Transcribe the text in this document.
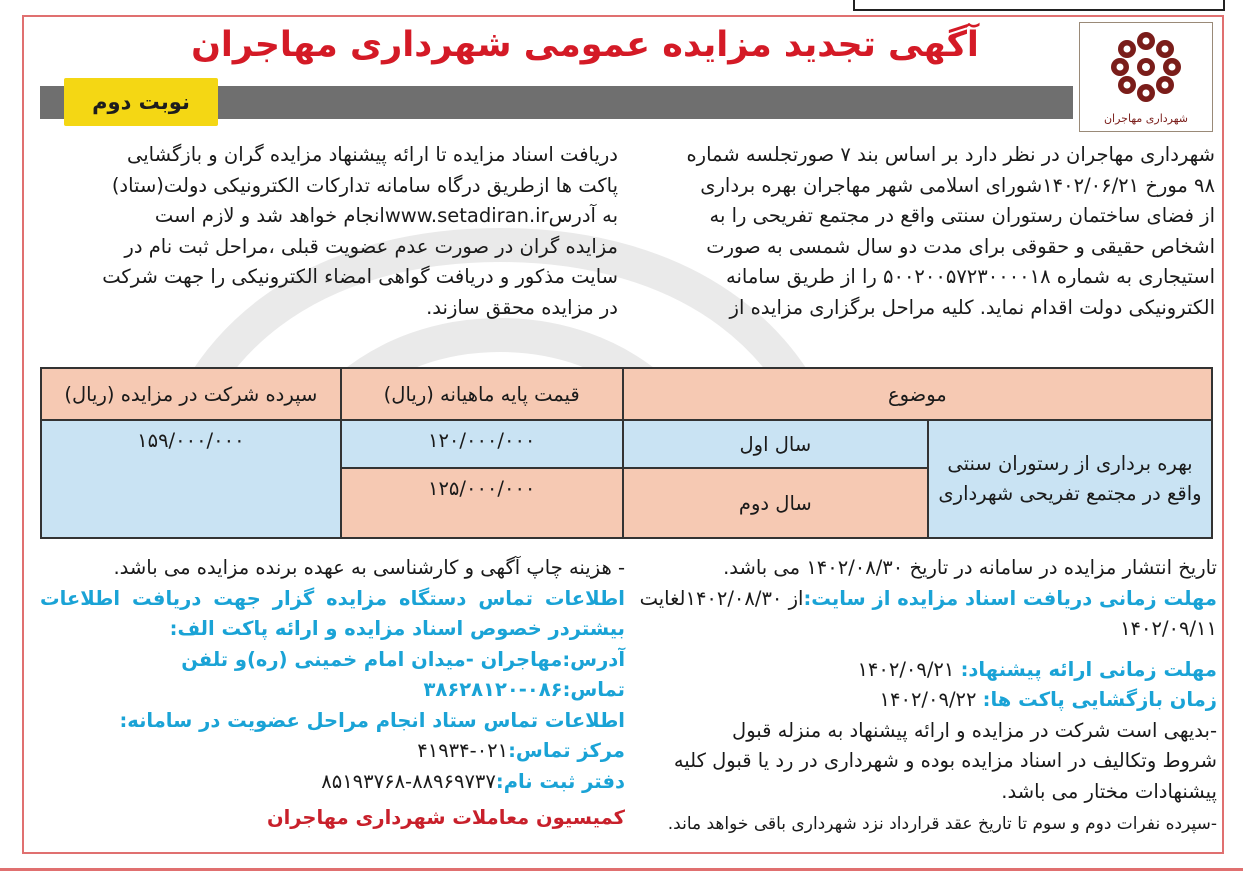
شهرداری مهاجران
آگهی تجدید مزایده عمومی شهرداری مهاجران
نوبت دوم
شهرداری مهاجران در نظر دارد بر اساس بند ۷ صورتجلسه شماره
۹۸ مورخ ۱۴۰۲/۰۶/۲۱شورای اسلامی شهر مهاجران بهره برداری
از فضای ساختمان رستوران سنتی واقع در مجتمع تفریحی را به
اشخاص حقیقی و حقوقی برای مدت دو سال شمسی به صورت
استیجاری به شماره ۵۰۰۲۰۰۵۷۲۳۰۰۰۰۱۸ را از طریق سامانه
الکترونیکی دولت اقدام نماید. کلیه مراحل برگزاری مزایده از
دریافت اسناد مزایده تا ارائه پیشنهاد مزایده گران و بازگشایی
پاکت ها ازطریق درگاه سامانه تدارکات الکترونیکی دولت(ستاد)
به آدرسwww.setadiran.irانجام خواهد شد و لازم است
مزایده گران در صورت عدم عضویت قبلی ،مراحل ثبت نام در
سایت مذکور و دریافت گواهی امضاء الکترونیکی را جهت شرکت
در مزایده محقق سازند.
موضوع		قیمت پایه ماهیانه (ریال)	سپرده شرکت در مزایده (ریال)
بهره برداری از رستوران سنتی واقع در مجتمع تفریحی شهرداری	سال اول	۱۲۰/۰۰۰/۰۰۰	۱۵۹/۰۰۰/۰۰۰
	سال دوم	۱۲۵/۰۰۰/۰۰۰	
تاریخ انتشار مزایده در سامانه در تاریخ ۱۴۰۲/۰۸/۳۰ می باشد.
مهلت زمانی دریافت اسناد مزایده از سایت:از ۱۴۰۲/۰۸/۳۰لغایت
۱۴۰۲/۰۹/۱۱
مهلت زمانی ارائه پیشنهاد: ۱۴۰۲/۰۹/۲۱
زمان بازگشایی پاکت ها: ۱۴۰۲/۰۹/۲۲
-بدیهی است شرکت در مزایده و ارائه پیشنهاد به منزله قبول
شروط وتکالیف در اسناد مزایده بوده و شهرداری در رد یا قبول کلیه
پیشنهادات مختار می باشد.
-سپرده نفرات دوم و سوم تا تاریخ عقد قرارداد نزد شهرداری باقی خواهد ماند.
- هزینه چاپ آگهی و کارشناسی به عهده برنده مزایده می باشد.
اطلاعات تماس دستگاه مزایده گزار جهت دریافت اطلاعات بیشتردر خصوص اسناد مزایده و ارائه پاکت الف:
آدرس:مهاجران -میدان امام خمینی (ره)و تلفن
تماس:۰۸۶-۳۸۶۲۸۱۲۰
اطلاعات تماس ستاد انجام مراحل عضویت در سامانه:
مرکز تماس:۰۲۱-۴۱۹۳۴
دفتر ثبت نام:۸۸۹۶۹۷۳۷-۸۵۱۹۳۷۶۸
کمیسیون معاملات شهرداری مهاجران
